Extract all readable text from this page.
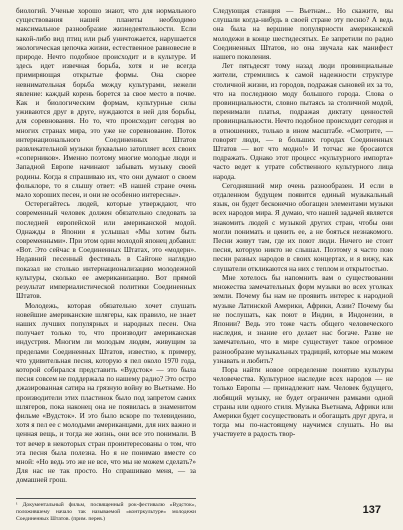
биологий. Ученые хорошо знают, что для нормального существования нашей планеты необходимо максимальное разнообразие жизнедеятельности. Если какой-либо вид птиц или рыб уничтожается, нарушается экологическая цепочка жизни, естественное равновесие в природе. Нечто подобное происходит и в культуре. И здесь идет извечная борьба, хотя и не всегда примиряющая открытые формы. Она скорее невнимательная борьба между культурами, нежели явление: каждый корень борется за свое место в почве. Как и биологическим формам, культурные силы уживаются друг в друге, нуждаются в ней для борьбы, для соревнования. Но то, что происходит сегодня во многих странах мира, это уже не соревнование. Поток интернационального Соединенных Штатов развлекательной музыки буквально затопляет всех своих «соперников». Именно поэтому многие молодые люди и Западной Европе начинают забывать музыку своей родины. Когда я спрашиваю их, что они думают о своем фольклоре, то я слышу ответ: «В нашей стране очень мало хороших песен, и они не особенно интересны».

Остерегайтесь людей, которые утверждают, что современный человек должен обязательно следовать за последней европейской или американской модой. Однажды в Японии я услышал «Мы хотим быть современными». При этом один молодой японец добавил: «Вот. Это сейчас в Соединенных Штатах, это «модерн». Недавний песенный фестиваль в Сайгоне наглядно показал не столько интернационализацию молодежной культуры, сколько ее американизацию. Вот прямой результат империалистической политики Соединенных Штатов.

Молодежь, которая обязательно хочет слушать новейшие американские шлягеры, как правило, не знает наших лучших популярных и народных песен. Она получает только то, что производит американская индустрия. Многим ли молодым людям, живущим за пределами Соединенных Штатов, известно, к примеру, что удивительная песня, которую я пел около 1970 года, которой собирался представить «Вудсток» — это была песня совсем не поддержала по нашему радио? Это остро джазированная сатира на грязную войну во Вьетнаме. Но производители этих пластинок было под запретом самих шлягеров, пока наконец она не появилась в знаменитом фильме «Вудсток». И это было вскоре по телевидению, хотя я пел ее с молодыми американцами, для них важно и ценная вещь, и тогда же жизнь, они все это понимали. В тот вечер в некоторых стран проинтересованы о том, что эта песня была полезна. Но я не понимаю вместе со мной: «Но ведь это же не все, что мы не можем сделать?» Для нас не так просто. Но спрашиваю меня, — за домашней грош.

Следующая станция — Вьетнам... Но скажите, вы слушали когда-нибудь в своей стране эту песню? А ведь она была на вершине популярности американской молодежи в конце шестидесятых. Ее запретили по радио Соединенных Штатов, но она звучала как манифест нашего поколения.

Лет пятьдесят тому назад люди провинциальные жители, стремились к самой надежности структуре столичной жизни, из городов, подражая сыновей их за то, что на последнюю моду большого города. Слова о провинциальности, словно пытаясь за столичной модой, перенимали платья, подражая диктату ценностей провинциальности. Нечто подобное происходит сегодня и в отношениях, только в ином масштабе. «Смотрите, — говорят люди, — в больших городах Соединенных Штатов — вот что модно!» И тотчас же бросаются подражать. Однако этот процесс «культурного импорта» часто ведет к утрате собственного культурного лица народа.

Сегодняшний мир очень разнообразен. И если в отдаленном будущем появится единый музыкальный язык, он будет бесконечно обогащен элементами музыки всех народов мира. Я думаю, что нашей задачей является знакомить людей с музыкой других стран, чтобы они могли понимать и ценить ее, а не бояться незнакомого. Песни живут там, где их поют люди. Ничего не стоит песня, которую никто не слышал. Поэтому я часто пою песни разных народов в своих концертах, и я вижу, как слушатели откликаются на них с теплом и открытостью.

Мне хотелось бы напомнить вам о существовании множества замечательных форм музыки во всех уголках земли. Почему бы нам не проявить интерес к народной музыке Латинской Америки, Африки, Азии? Почему бы не послушать, как поют в Индии, в Индонезии, в Японии? Ведь это тоже часть общего человеческого наследия, и знание его делает нас богаче. Разве не замечательно, что в мире существует такое огромное разнообразие музыкальных традиций, которые мы можем узнавать и любить?

Пора найти новое определение понятию культуры человечества. Культурное наследие всех народов — не только Европы — принадлежит нам. Человек будущего, любящий музыку, не будет ограничен рамками одной страны или одного стиля. Музыка Вьетнама, Африки или Америки будет сосуществовать и обогащать друг друга, и тогда мы по-настоящему научимся слушать. Но вы участвуете в радость твор-

¹ Документальный фильм, посвященный рок-фестивалю «Вудсток», положившему начало так называемой «контркультуре» молодежи Соединенных Штатов. (прим. перев.)
137
